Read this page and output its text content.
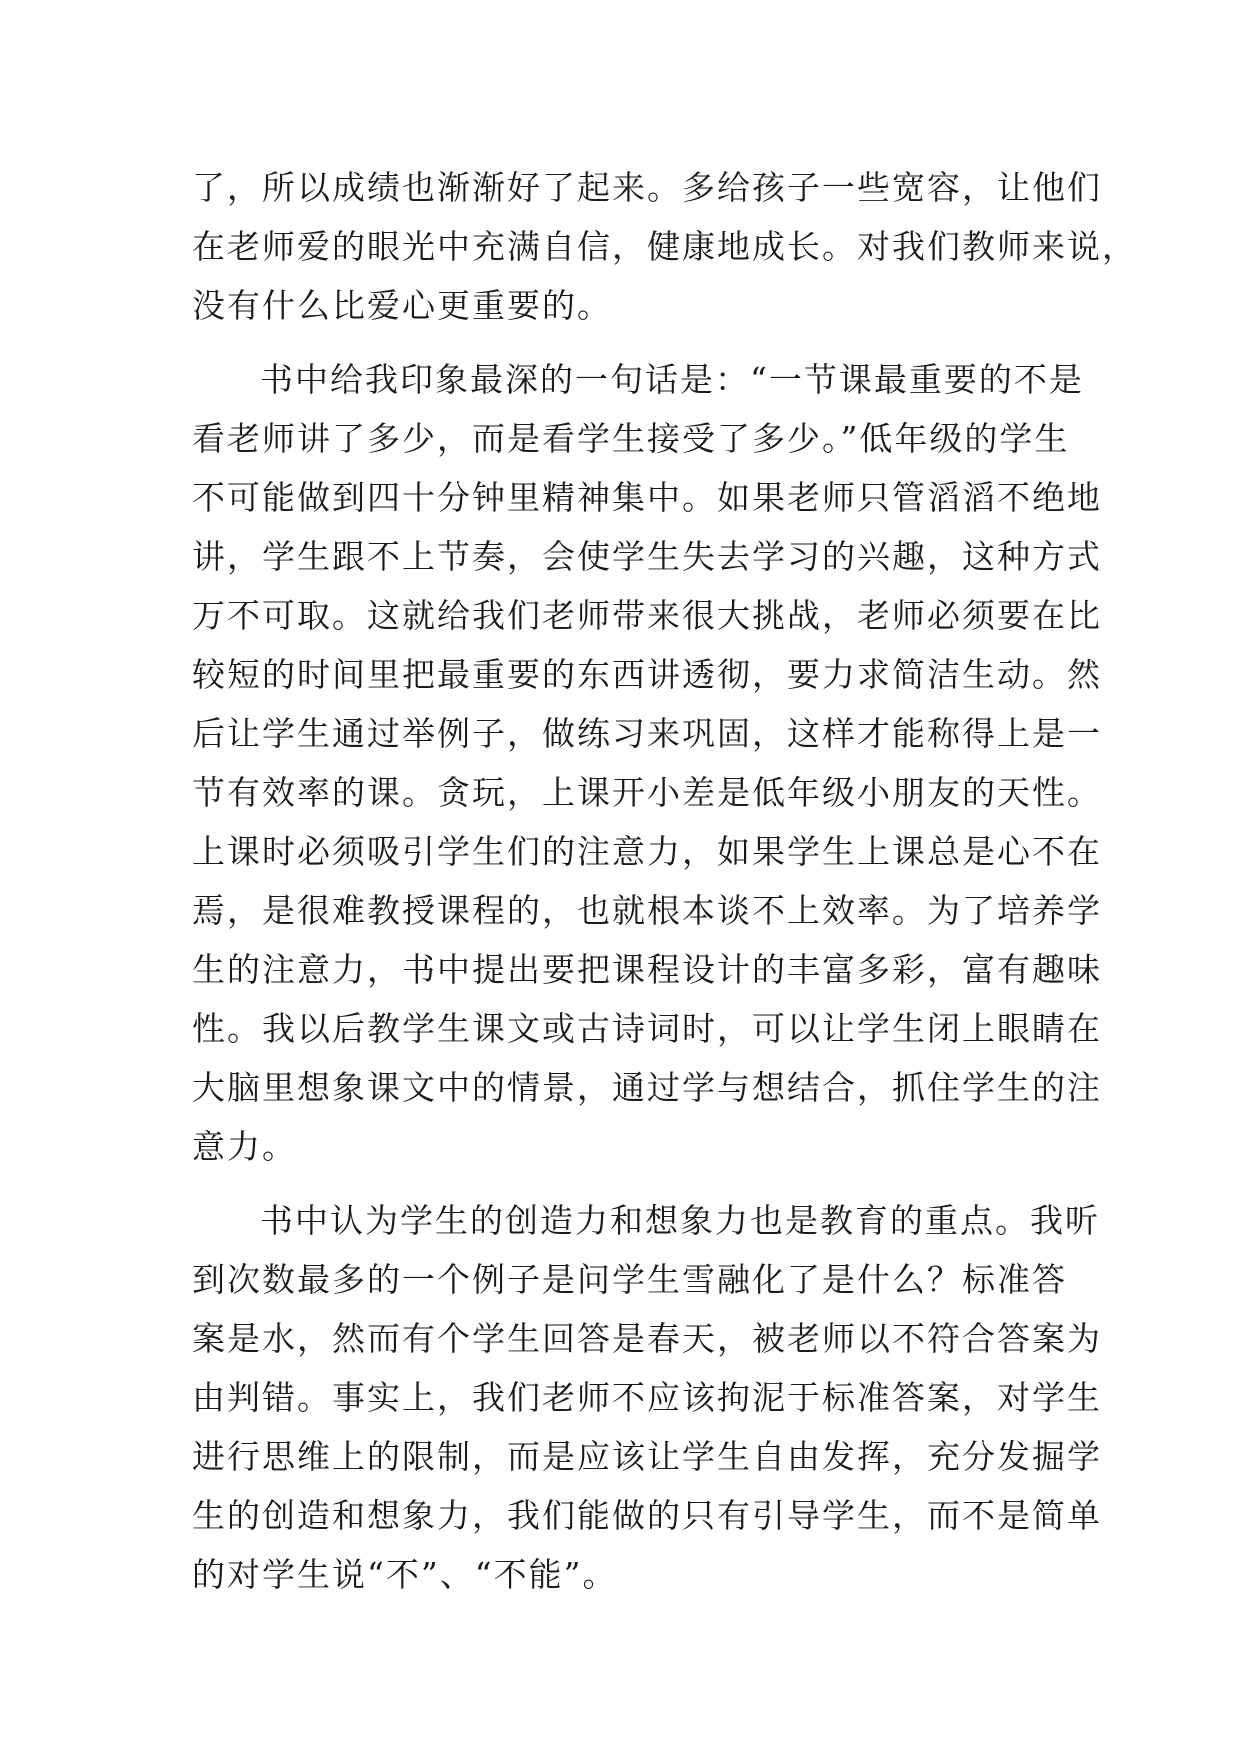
了，所以成绩也渐渐好了起来。多给孩子一些宽容，让他们
在老师爱的眼光中充满自信，健康地成长。对我们教师来说，
没有什么比爱心更重要的。
书中给我印象最深的一句话是：“一节课最重要的不是
看老师讲了多少，而是看学生接受了多少。”低年级的学生
不可能做到四十分钟里精神集中。如果老师只管滔滔不绝地
讲，学生跟不上节奏，会使学生失去学习的兴趣，这种方式
万不可取。这就给我们老师带来很大挑战，老师必须要在比
较短的时间里把最重要的东西讲透彻，要力求简洁生动。然
后让学生通过举例子，做练习来巩固，这样才能称得上是一
节有效率的课。贪玩，上课开小差是低年级小朋友的天性。
上课时必须吸引学生们的注意力，如果学生上课总是心不在
焉，是很难教授课程的，也就根本谈不上效率。为了培养学
生的注意力，书中提出要把课程设计的丰富多彩，富有趣味
性。我以后教学生课文或古诗词时，可以让学生闭上眼睛在
大脑里想象课文中的情景，通过学与想结合，抓住学生的注
意力。
书中认为学生的创造力和想象力也是教育的重点。我听
到次数最多的一个例子是问学生雪融化了是什么？标准答
案是水，然而有个学生回答是春天，被老师以不符合答案为
由判错。事实上，我们老师不应该拘泥于标准答案，对学生
进行思维上的限制，而是应该让学生自由发挥，充分发掘学
生的创造和想象力，我们能做的只有引导学生，而不是简单
的对学生说“不”、“不能”。
